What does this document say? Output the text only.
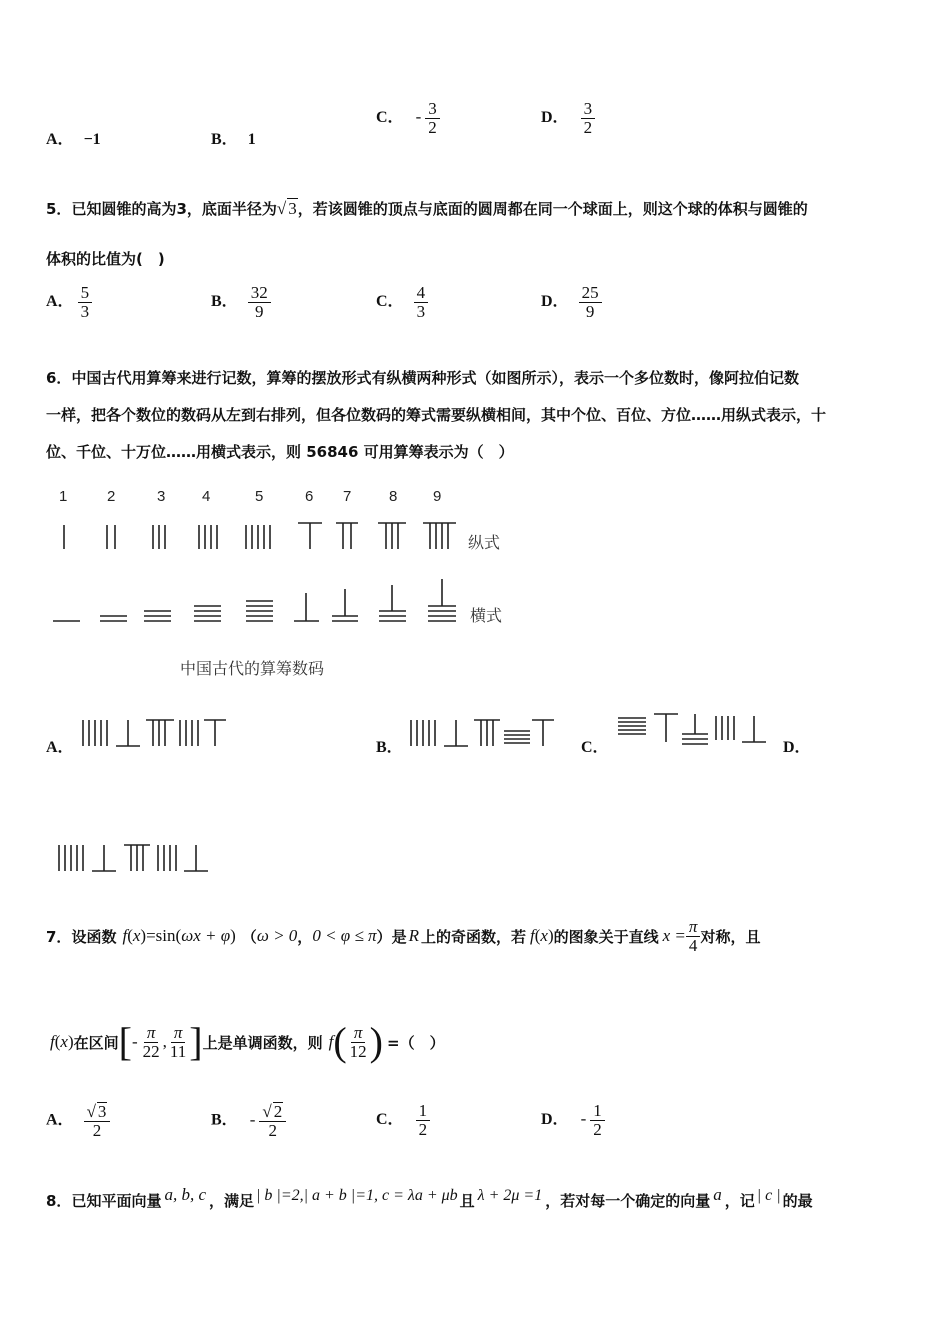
A． −1	B． 1
C． - $\frac{3}{2}$	D． $\frac{3}{2}$
5．已知圆锥的高为3，底面半径为√ 3，若该圆锥的顶点与底面的圆周都在同一个球面上，则这个球的体积与圆锥的
体积的比值为(　)
A． $\frac{5}{3}$	B． $\frac{32}{9}$	C． $\frac{4}{3}$	D． $\frac{25}{9}$
6．中国古代用算筹来进行记数，算筹的摆放形式有纵横两种形式（如图所示），表示一个多位数时，像阿拉伯记数
一样，把各个数位的数码从左到右排列，但各位数码的筹式需要纵横相间，其中个位、百位、方位……用纵式表示，十
位、千位、十万位……用横式表示，则 56846 可用算筹表示为（　）
1	2	3 4	5	6 7	8 9
纵式
横式
中国古代的算筹数码
A．	B．	C．	D．
7． 设函数 f ( x ) =sin ( ωx + φ ) （ ω > 0 ， 0 < φ ≤ π ） 是 R 上的奇函数，若 f ( x ) 的图象关于直线 $x = \frac{\pi}{4}$ 对称，且
f ( x ) 在区间 [ - $\frac{\pi}{22}$ , $\frac{\pi}{11}$ ] 上是单调函数，则 f ( $\frac{\pi}{12}$ ) =（　）
A． $\frac{√ 3}{2}$	B． - $\frac{√ 2}{2}$	C． $\frac{1}{2}$	D． - $\frac{1}{2}$
8．已知平面向量 a, b, c ，满足 | b |=2,| a + b |=1, c = λa + μb 且 λ + 2μ =1 ，若对每一个确定的向量 a ，记 | c | 的最
